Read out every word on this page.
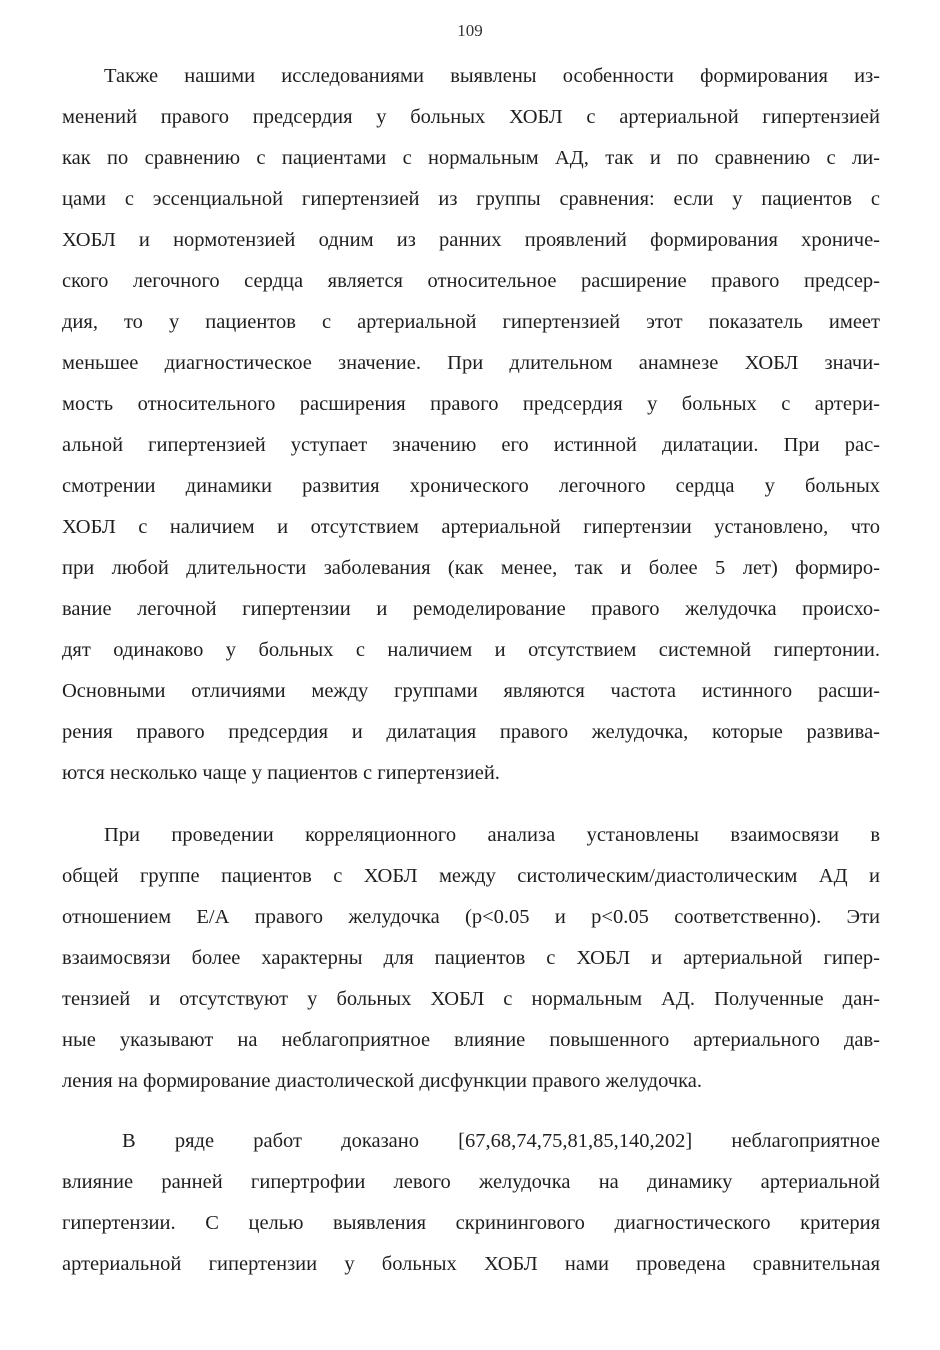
109
Также нашими исследованиями выявлены особенности формирования из-
менений правого предсердия у больных ХОБЛ с артериальной гипертензией
как по сравнению с пациентами с нормальным АД, так и по сравнению с ли-
цами с эссенциальной гипертензией из группы сравнения: если у пациентов с
ХОБЛ и нормотензией одним из ранних проявлений формирования хрониче-
ского легочного сердца является относительное расширение правого предсер-
дия, то у пациентов с артериальной гипертензией этот показатель имеет
меньшее диагностическое значение. При длительном анамнезе ХОБЛ значи-
мость относительного расширения правого предсердия у больных с артери-
альной гипертензией уступает значению его истинной дилатации. При рас-
смотрении динамики развития хронического легочного сердца у больных
ХОБЛ с наличием и отсутствием артериальной гипертензии установлено, что
при любой длительности заболевания (как менее, так и более 5 лет) формиро-
вание легочной гипертензии и ремоделирование правого желудочка происхо-
дят одинаково у больных с наличием и отсутствием системной гипертонии.
Основными отличиями между группами являются частота истинного расши-
рения правого предсердия и дилатация правого желудочка, которые развива-
ются несколько чаще у пациентов с гипертензией.
При проведении корреляционного анализа установлены взаимосвязи в
общей группе пациентов с ХОБЛ между систолическим/диастолическим АД и
отношением Е/А правого желудочка (р<0.05 и р<0.05 соответственно). Эти
взаимосвязи более характерны для пациентов с ХОБЛ и артериальной гипер-
тензией и отсутствуют у больных ХОБЛ с нормальным АД. Полученные дан-
ные указывают на неблагоприятное влияние повышенного артериального дав-
ления на формирование диастолической дисфункции правого желудочка.
В ряде работ доказано [67,68,74,75,81,85,140,202] неблагоприятное
влияние ранней гипертрофии левого желудочка на динамику артериальной
гипертензии. С целью выявления скринингового диагностического критерия
артериальной гипертензии у больных ХОБЛ нами проведена сравнительная
